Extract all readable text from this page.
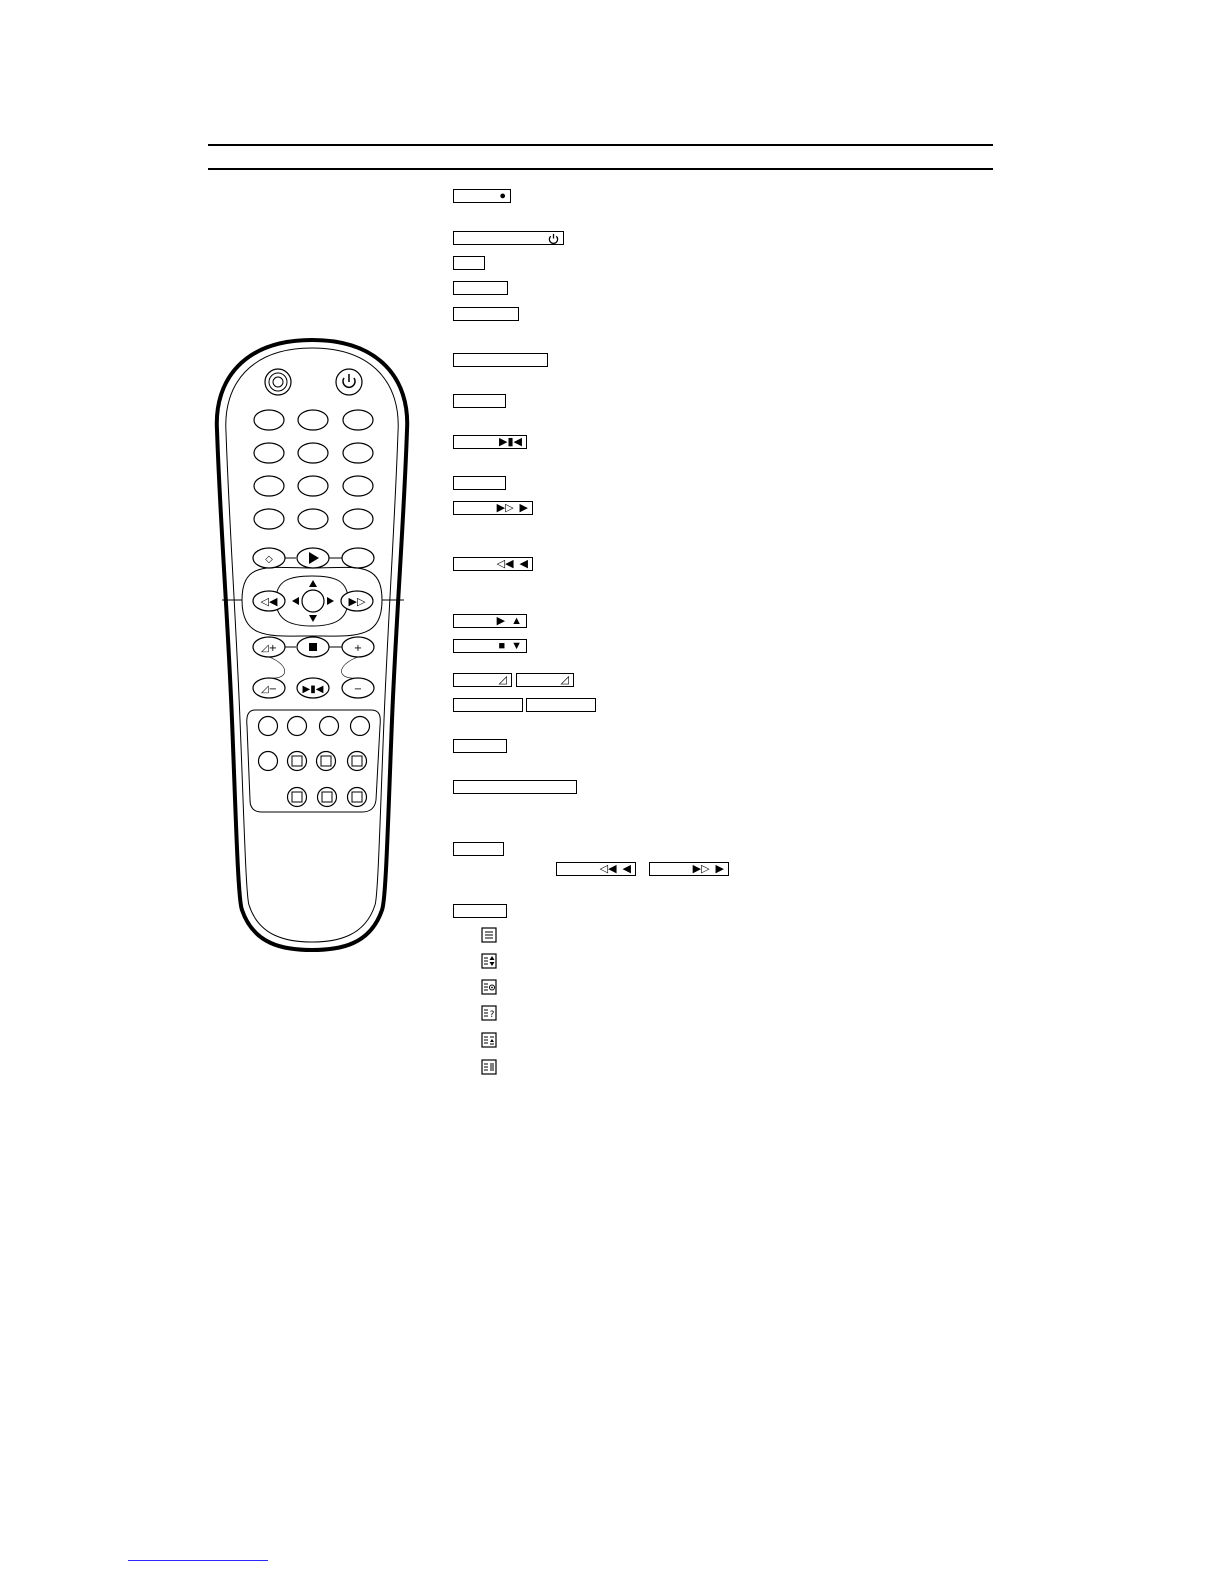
◇
◁◀	▶▷
◿+	+
◿−	▶▮◀	−
●
▶▮◀
▶▷ ▶
◁◀ ◀
▶ ▲
■ ▼
◿	◿
◁◀ ◀	▶▷ ▶
?
